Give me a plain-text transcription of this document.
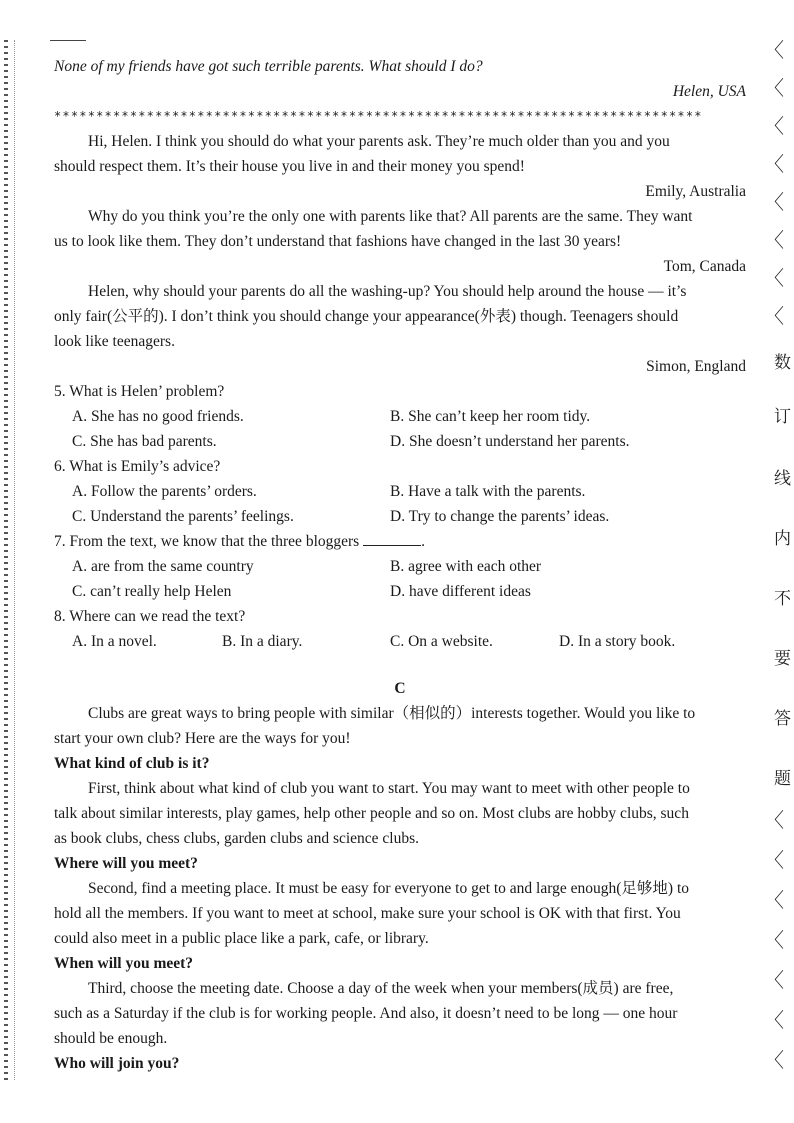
〈
〈
〈
〈
〈
〈
〈
〈
数
订
线
内
不
要
答
题
〈
〈
〈
〈
〈
〈
〈
None of my friends have got such terrible parents. What should I do?
Helen, USA
*****************************************************************************
Hi, Helen. I think you should do what your parents ask. They’re much older than you and you
should respect them. It’s their house you live in and their money you spend!
Emily, Australia
Why do you think you’re the only one with parents like that? All parents are the same. They want
us to look like them. They don’t understand that fashions have changed in the last 30 years!
Tom, Canada
Helen, why should your parents do all the washing-up? You should help around the house — it’s
only fair(公平的). I don’t think you should change your appearance(外表) though. Teenagers should
look like teenagers.
Simon, England
5. What is Helen’ problem?
A. She has no good friends.	B. She can’t keep her room tidy.
C. She has bad parents.	D. She doesn’t understand her parents.
6. What is Emily’s advice?
A. Follow the parents’ orders.	B. Have a talk with the parents.
C. Understand the parents’ feelings.	D. Try to change the parents’ ideas.
7. From the text, we know that the three bloggers	.
A. are from the same country	B. agree with each other
C. can’t really help Helen	D. have different ideas
8. Where can we read the text?
A. In a novel.	B. In a diary.	C. On a website.	D. In a story book.
C
Clubs are great ways to bring people with similar（相似的）interests together. Would you like to
start your own club? Here are the ways for you!
What kind of club is it?
First, think about what kind of club you want to start. You may want to meet with other people to
talk about similar interests, play games, help other people and so on. Most clubs are hobby clubs, such
as book clubs, chess clubs, garden clubs and science clubs.
Where will you meet?
Second, find a meeting place. It must be easy for everyone to get to and large enough(足够地) to
hold all the members. If you want to meet at school, make sure your school is OK with that first. You
could also meet in a public place like a park, cafe, or library.
When will you meet?
Third, choose the meeting date. Choose a day of the week when your members(成员) are free,
such as a Saturday if the club is for working people. And also, it doesn’t need to be long — one hour
should be enough.
Who will join you?
